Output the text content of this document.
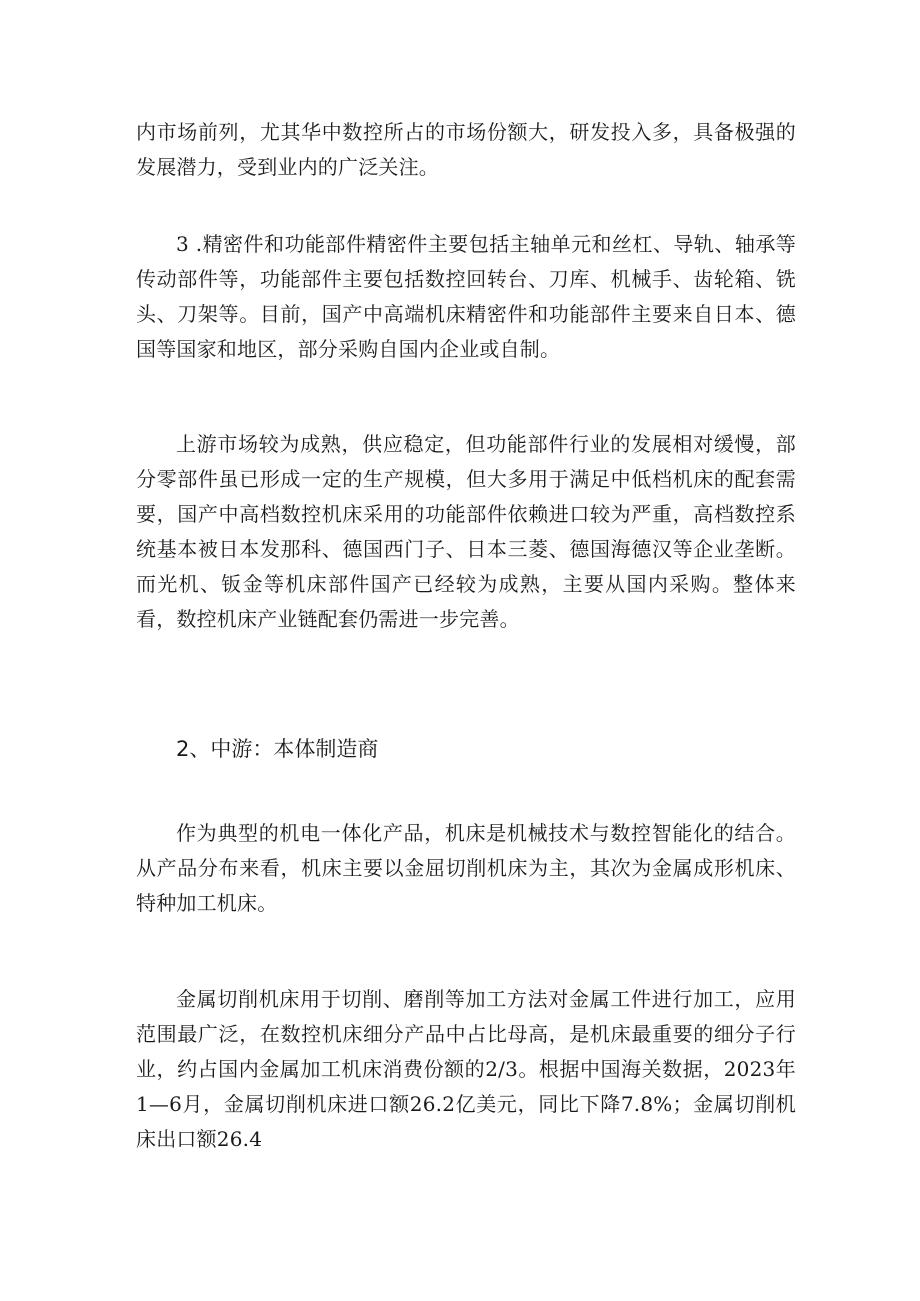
内市场前列，尤其华中数控所占的市场份额大，研发投入多，具备极强的发展潜力，受到业内的广泛关注。

3 .精密件和功能部件精密件主要包括主轴单元和丝杠、导轨、轴承等传动部件等，功能部件主要包括数控回转台、刀库、机械手、齿轮箱、铣头、刀架等。目前，国产中高端机床精密件和功能部件主要来自日本、德国等国家和地区，部分采购自国内企业或自制。

上游市场较为成熟，供应稳定，但功能部件行业的发展相对缓慢，部分零部件虽已形成一定的生产规模，但大多用于满足中低档机床的配套需要，国产中高档数控机床采用的功能部件依赖进口较为严重，高档数控系统基本被日本发那科、德国西门子、日本三菱、德国海德汉等企业垄断。而光机、钣金等机床部件国产已经较为成熟，主要从国内采购。整体来看，数控机床产业链配套仍需进一步完善。

2、中游：本体制造商

作为典型的机电一体化产品，机床是机械技术与数控智能化的结合。从产品分布来看，机床主要以金屈切削机床为主，其次为金属成形机床、特种加工机床。

金属切削机床用于切削、磨削等加工方法对金属工件进行加工，应用范围最广泛，在数控机床细分产品中占比母高，是机床最重要的细分子行业，约占国内金属加工机床消费份额的2/3。根据中国海关数据，2023年1—6月，金属切削机床进口额26.2亿美元，同比下降7.8%；金属切削机床出口额26.4
